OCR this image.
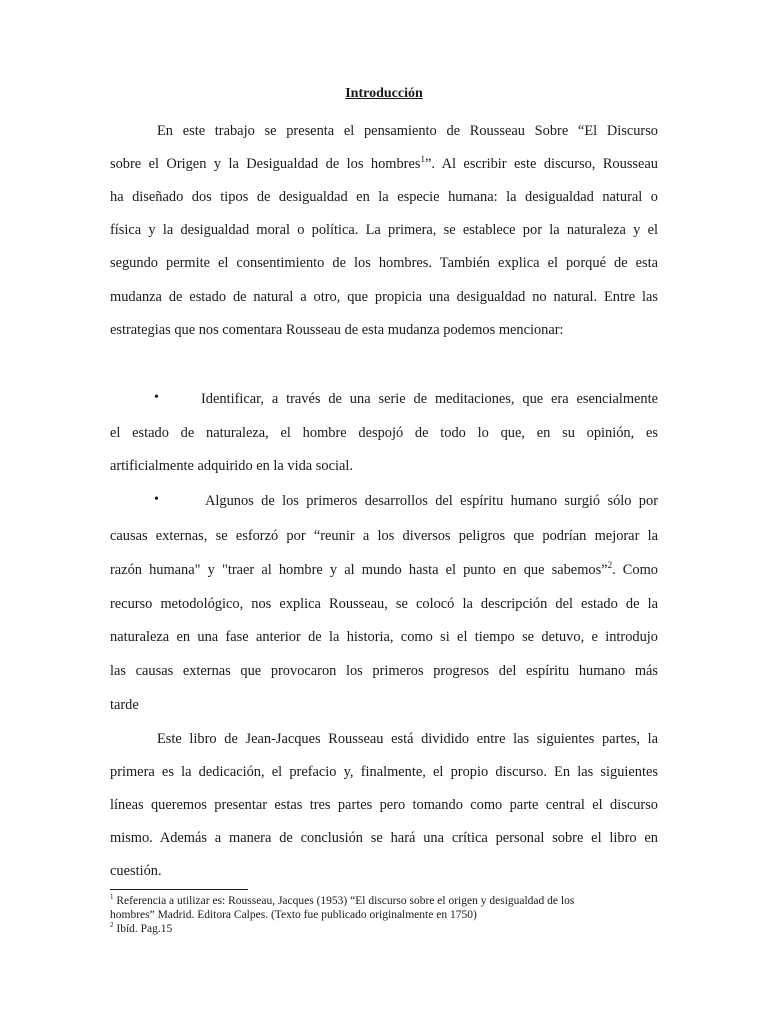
Introducción
En este trabajo se presenta el pensamiento de Rousseau Sobre “El Discurso
sobre el Origen y la Desigualdad de los hombres$^1$”. Al escribir este discurso, Rousseau
ha diseñado dos tipos de desigualdad en la especie humana: la desigualdad natural o
física y la desigualdad moral o política. La primera, se establece por la naturaleza y el
segundo permite el consentimiento de los hombres. También explica el porqué de esta
mudanza de estado de natural a otro, que propicia una desigualdad no natural. Entre las
estrategias que nos comentara Rousseau de esta mudanza podemos mencionar:
•	Identificar, a través de una serie de meditaciones, que era esencialmente
el estado de naturaleza, el hombre despojó de todo lo que, en su opinión, es
artificialmente adquirido en la vida social.
•	Algunos de los primeros desarrollos del espíritu humano surgió sólo por
causas externas, se esforzó por “reunir a los diversos peligros que podrían mejorar la
razón humana" y "traer al hombre y al mundo hasta el punto en que sabemos”$^2$. Como
recurso metodológico, nos explica Rousseau, se colocó la descripción del estado de la
naturaleza en una fase anterior de la historia, como si el tiempo se detuvo, e introdujo
las causas externas que provocaron los primeros progresos del espíritu humano más
tarde
Este libro de Jean-Jacques Rousseau está dividido entre las siguientes partes, la
primera es la dedicación, el prefacio y, finalmente, el propio discurso. En las siguientes
líneas queremos presentar estas tres partes pero tomando como parte central el discurso
mismo. Además a manera de conclusión se hará una crítica personal sobre el libro en
cuestión.
$^1$ Referencia a utilizar es: Rousseau, Jacques (1953) “El discurso sobre el origen y desigualdad de los
hombres” Madrid. Editora Calpes. (Texto fue publicado originalmente en 1750)
$^2$ Ibíd. Pag.15
